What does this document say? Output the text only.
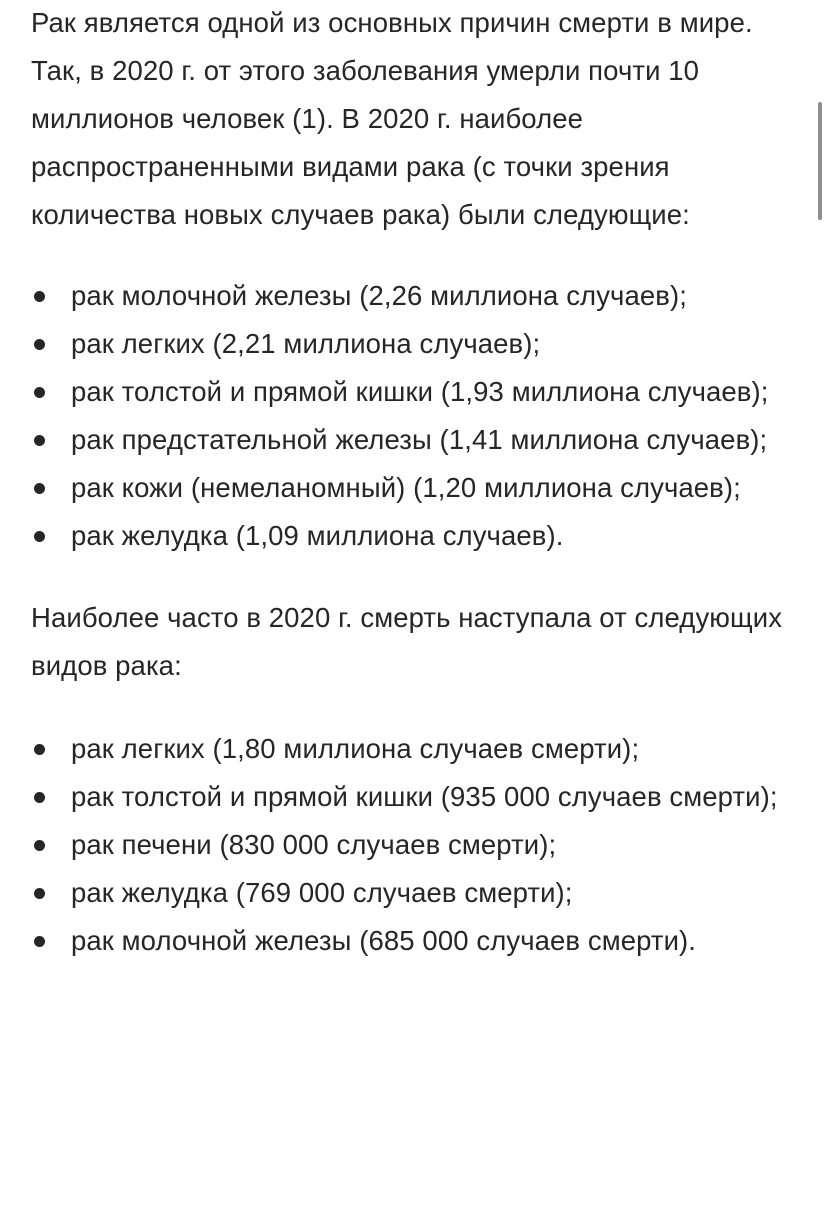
Рак является одной из основных причин смерти в мире. Так, в 2020 г. от этого заболевания умерли почти 10 миллионов человек (1). В 2020 г. наиболее распространенными видами рака (с точки зрения количества новых случаев рака) были следующие:

рак молочной железы (2,26 миллиона случаев);
рак легких (2,21 миллиона случаев);
рак толстой и прямой кишки (1,93 миллиона случаев);
рак предстательной железы (1,41 миллиона случаев);
рак кожи (немеланомный) (1,20 миллиона случаев);
рак желудка (1,09 миллиона случаев).

Наиболее часто в 2020 г. смерть наступала от следующих видов рака:

рак легких (1,80 миллиона случаев смерти);
рак толстой и прямой кишки (935 000 случаев смерти);
рак печени (830 000 случаев смерти);
рак желудка (769 000 случаев смерти);
рак молочной железы (685 000 случаев смерти).
